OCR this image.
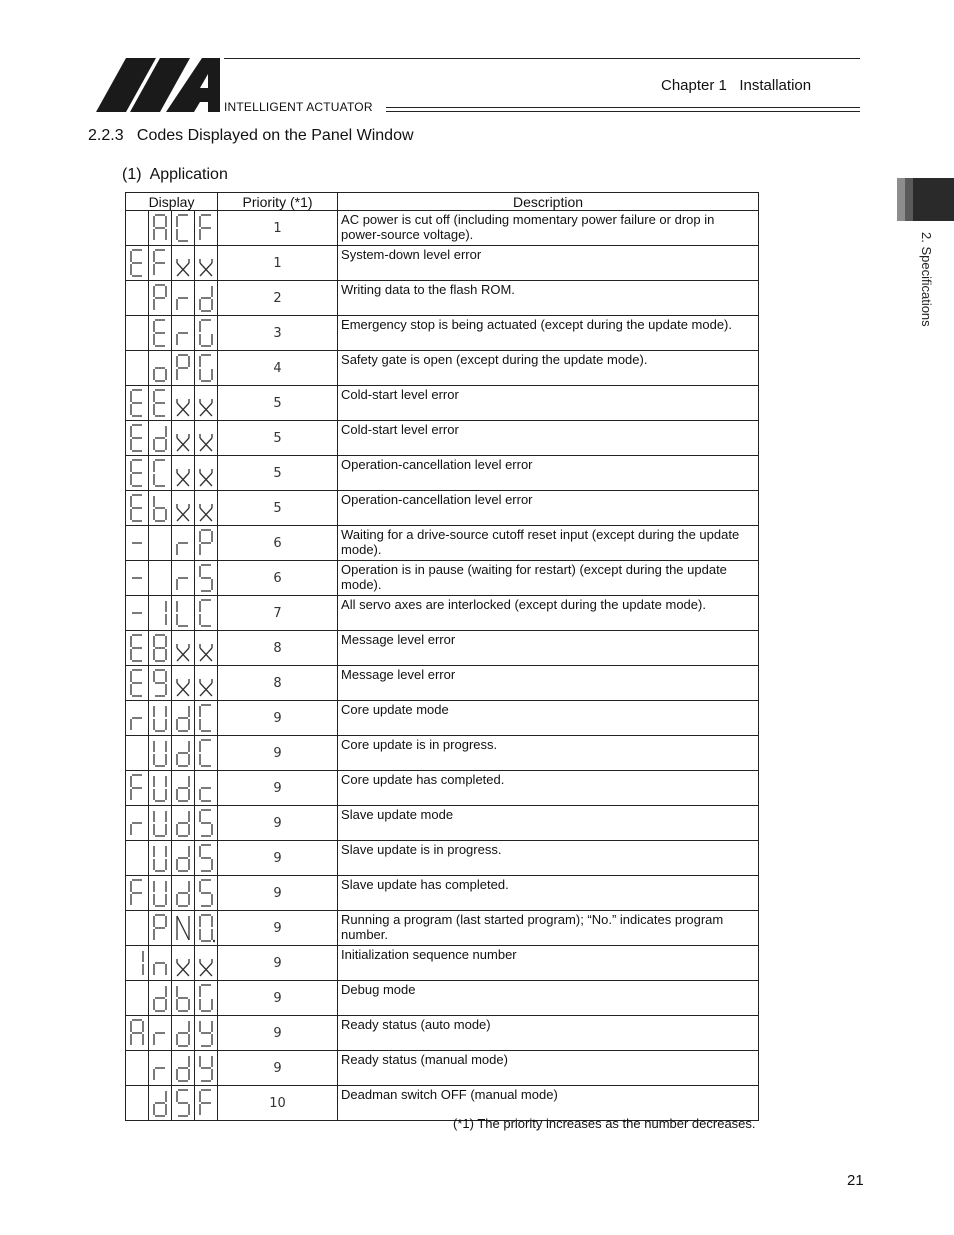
INTELLIGENT ACTUATOR
Chapter 1   Installation
2.2.3   Codes Displayed on the Panel Window
(1)  Application
2. Specifications
Display				Priority (*1)	Description
				1	AC power is cut off (including momentary power failure or drop in power-source voltage).
				1	System-down level error
				2	Writing data to the flash ROM.
				3	Emergency stop is being actuated (except during the update mode).
				4	Safety gate is open (except during the update mode).
				5	Cold-start level error
				5	Cold-start level error
				5	Operation-cancellation level error
				5	Operation-cancellation level error
				6	Waiting for a drive-source cutoff reset input (except during the update mode).
				6	Operation is in pause (waiting for restart) (except during the update mode).
				7	All servo axes are interlocked (except during the update mode).
				8	Message level error
				8	Message level error
				9	Core update mode
				9	Core update is in progress.
				9	Core update has completed.
				9	Slave update mode
				9	Slave update is in progress.
				9	Slave update has completed.
				9	Running a program (last started program); “No.” indicates program number.
				9	Initialization sequence number
				9	Debug mode
				9	Ready status (auto mode)
				9	Ready status (manual mode)
				10	Deadman switch OFF (manual mode)
(*1) The priority increases as the number decreases.
21
